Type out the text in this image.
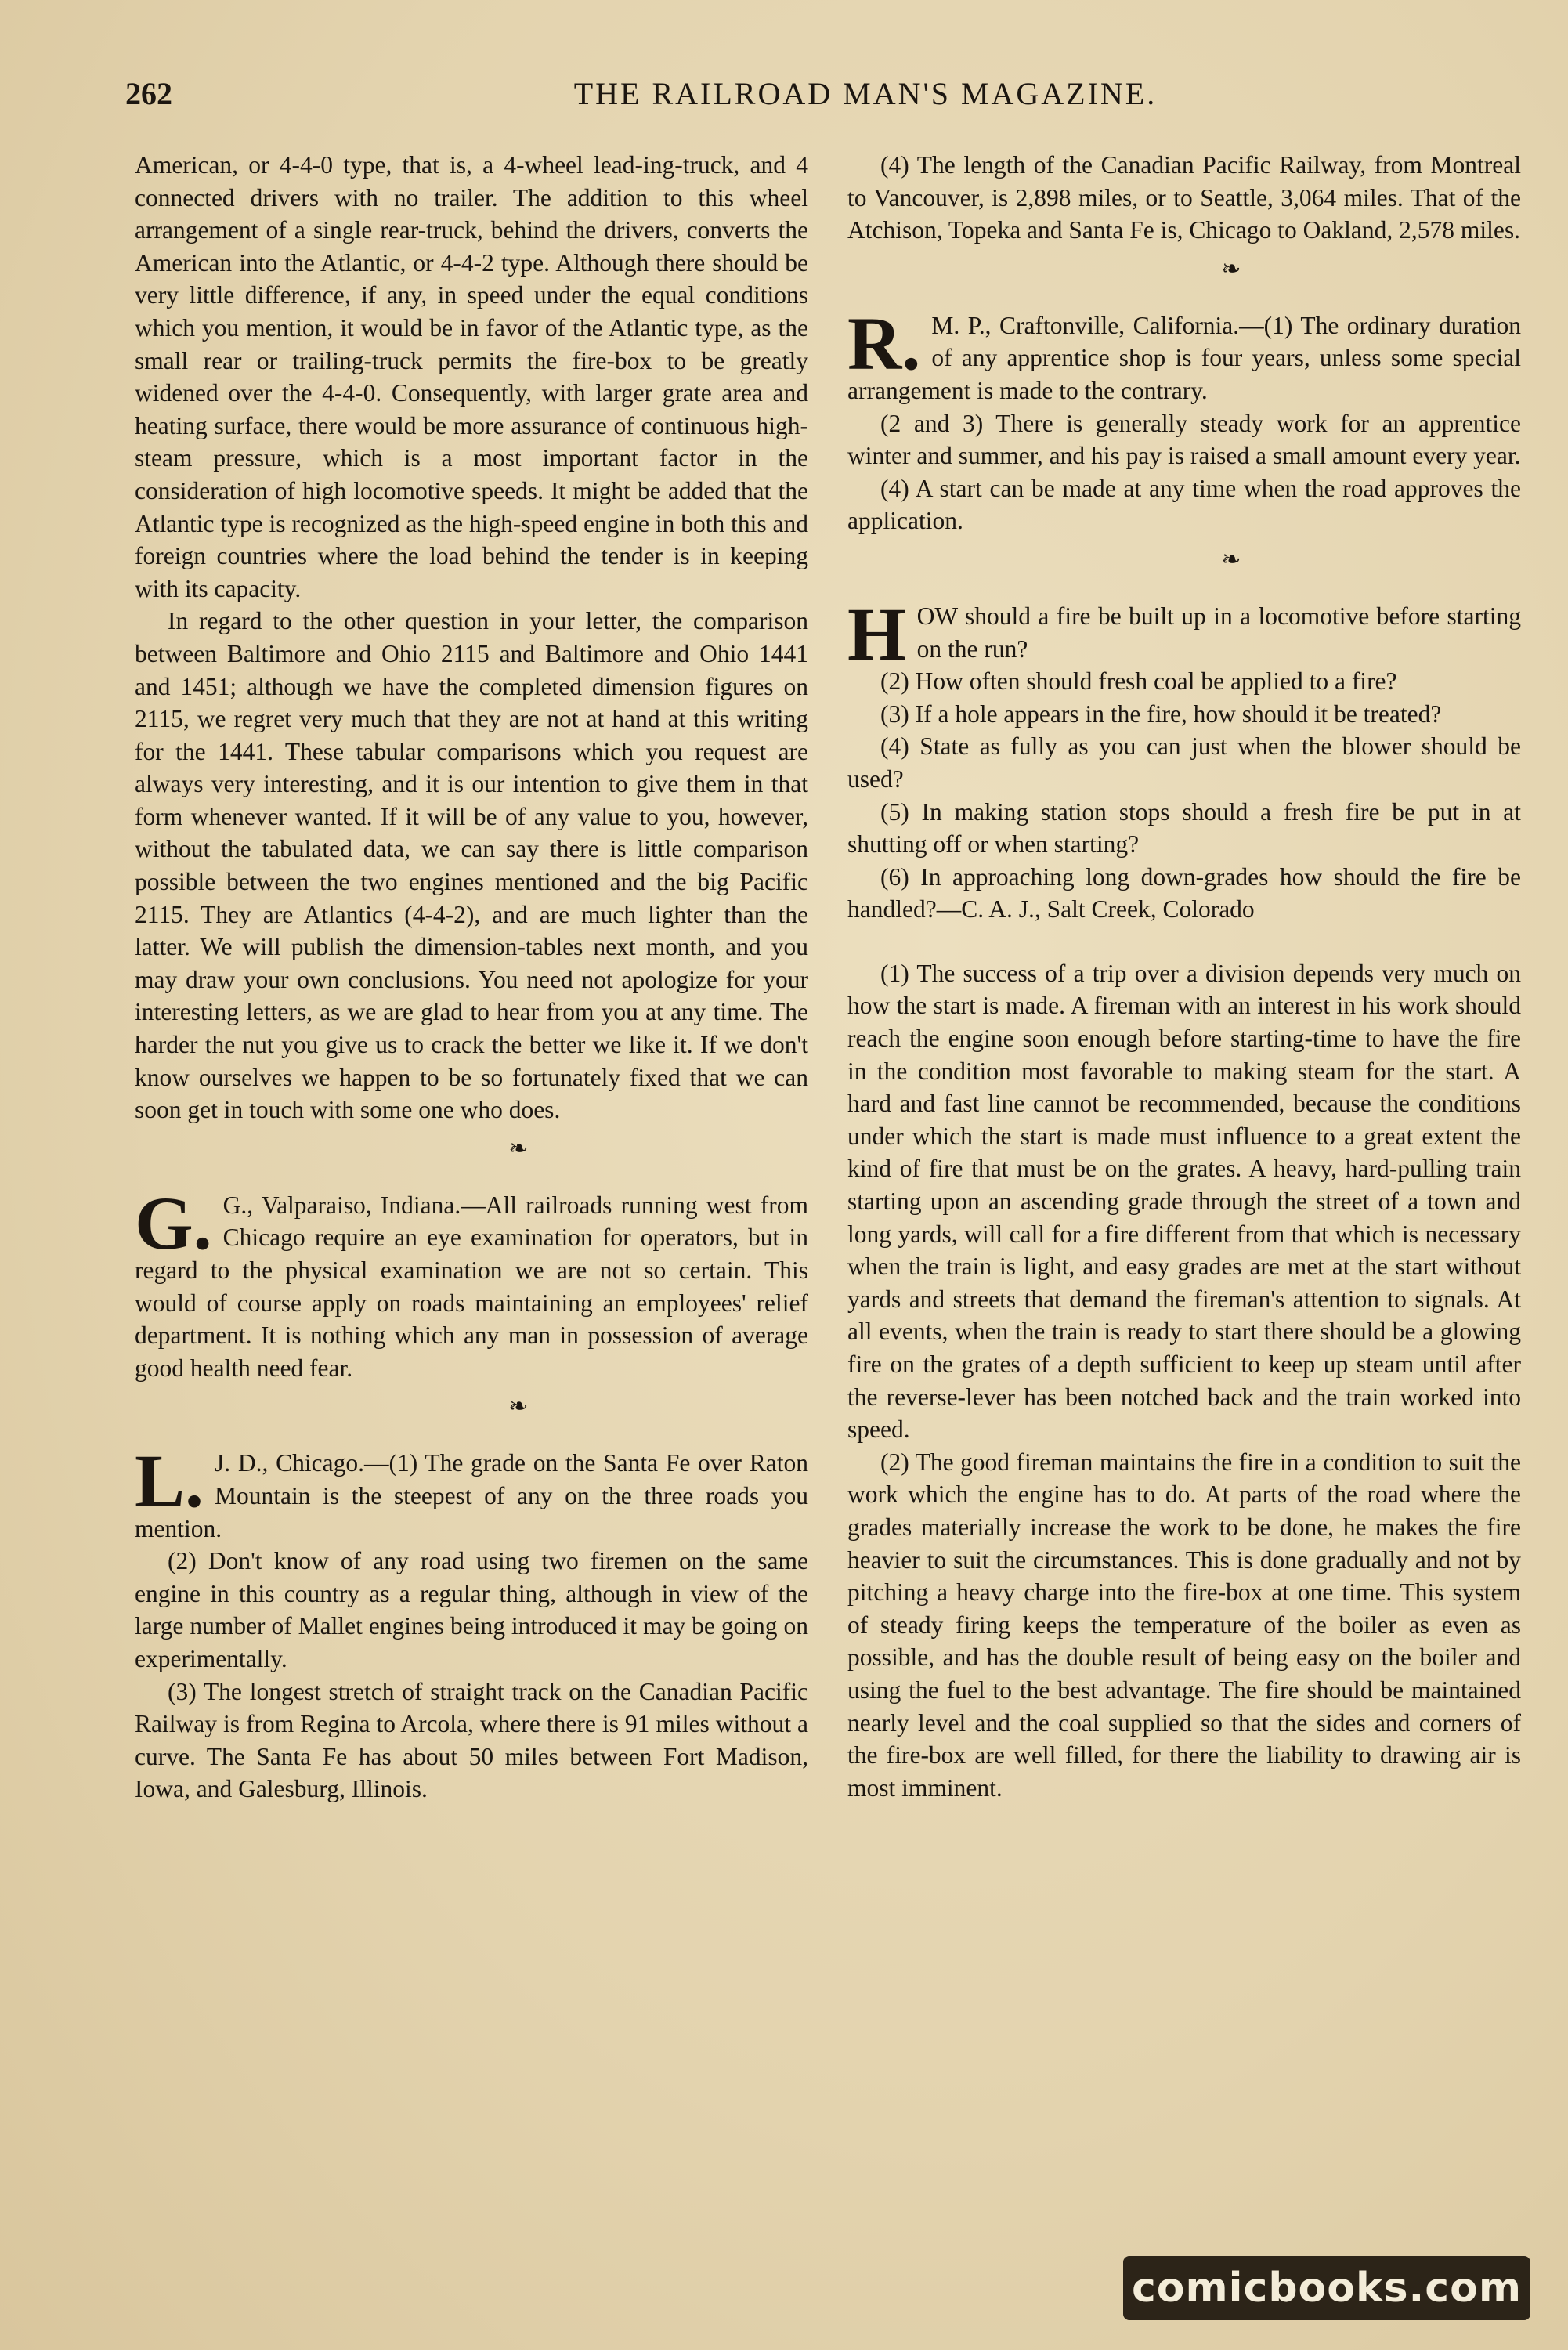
262	THE RAILROAD MAN'S MAGAZINE.

American, or 4-4-0 type, that is, a 4-wheel lead-ing-truck, and 4 connected drivers with no trailer. The addition to this wheel arrangement of a single rear-truck, behind the drivers, converts the American into the Atlantic, or 4-4-2 type. Although there should be very little difference, if any, in speed under the equal conditions which you mention, it would be in favor of the Atlantic type, as the small rear or trailing-truck permits the fire-box to be greatly widened over the 4-4-0. Consequently, with larger grate area and heating surface, there would be more assurance of continuous high-steam pressure, which is a most important factor in the consideration of high locomotive speeds. It might be added that the Atlantic type is recognized as the high-speed engine in both this and foreign countries where the load behind the tender is in keeping with its capacity.

In regard to the other question in your letter, the comparison between Baltimore and Ohio 2115 and Baltimore and Ohio 1441 and 1451; although we have the completed dimension figures on 2115, we regret very much that they are not at hand at this writing for the 1441. These tabular comparisons which you request are always very interesting, and it is our intention to give them in that form whenever wanted. If it will be of any value to you, however, without the tabulated data, we can say there is little comparison possible between the two engines mentioned and the big Pacific 2115. They are Atlantics (4-4-2), and are much lighter than the latter. We will publish the dimension-tables next month, and you may draw your own conclusions. You need not apologize for your interesting letters, as we are glad to hear from you at any time. The harder the nut you give us to crack the better we like it. If we don't know ourselves we happen to be so fortunately fixed that we can soon get in touch with some one who does.

❧

G. G., Valparaiso, Indiana.—All railroads running west from Chicago require an eye examination for operators, but in regard to the physical examination we are not so certain. This would of course apply on roads maintaining an employees' relief department. It is nothing which any man in possession of average good health need fear.

❧

L. J. D., Chicago.—(1) The grade on the Santa Fe over Raton Mountain is the steepest of any on the three roads you mention.

(2) Don't know of any road using two firemen on the same engine in this country as a regular thing, although in view of the large number of Mallet engines being introduced it may be going on experimentally.

(3) The longest stretch of straight track on the Canadian Pacific Railway is from Regina to Arcola, where there is 91 miles without a curve. The Santa Fe has about 50 miles between Fort Madison, Iowa, and Galesburg, Illinois.

(4) The length of the Canadian Pacific Railway, from Montreal to Vancouver, is 2,898 miles, or to Seattle, 3,064 miles. That of the Atchison, Topeka and Santa Fe is, Chicago to Oakland, 2,578 miles.

❧

R. M. P., Craftonville, California.—(1) The ordinary duration of any apprentice shop is four years, unless some special arrangement is made to the contrary.

(2 and 3) There is generally steady work for an apprentice winter and summer, and his pay is raised a small amount every year.

(4) A start can be made at any time when the road approves the application.

❧

HOW should a fire be built up in a locomotive before starting on the run?

(2) How often should fresh coal be applied to a fire?

(3) If a hole appears in the fire, how should it be treated?

(4) State as fully as you can just when the blower should be used?

(5) In making station stops should a fresh fire be put in at shutting off or when starting?

(6) In approaching long down-grades how should the fire be handled?—C. A. J., Salt Creek, Colorado

(1) The success of a trip over a division depends very much on how the start is made. A fireman with an interest in his work should reach the engine soon enough before starting-time to have the fire in the condition most favorable to making steam for the start. A hard and fast line cannot be recommended, because the conditions under which the start is made must influence to a great extent the kind of fire that must be on the grates. A heavy, hard-pulling train starting upon an ascending grade through the street of a town and long yards, will call for a fire different from that which is necessary when the train is light, and easy grades are met at the start without yards and streets that demand the fireman's attention to signals. At all events, when the train is ready to start there should be a glowing fire on the grates of a depth sufficient to keep up steam until after the reverse-lever has been notched back and the train worked into speed.

(2) The good fireman maintains the fire in a condition to suit the work which the engine has to do. At parts of the road where the grades materially increase the work to be done, he makes the fire heavier to suit the circumstances. This is done gradually and not by pitching a heavy charge into the fire-box at one time. This system of steady firing keeps the temperature of the boiler as even as possible, and has the double result of being easy on the boiler and using the fuel to the best advantage. The fire should be maintained nearly level and the coal supplied so that the sides and corners of the fire-box are well filled, for there the liability to drawing air is most imminent.

comicbooks.com
